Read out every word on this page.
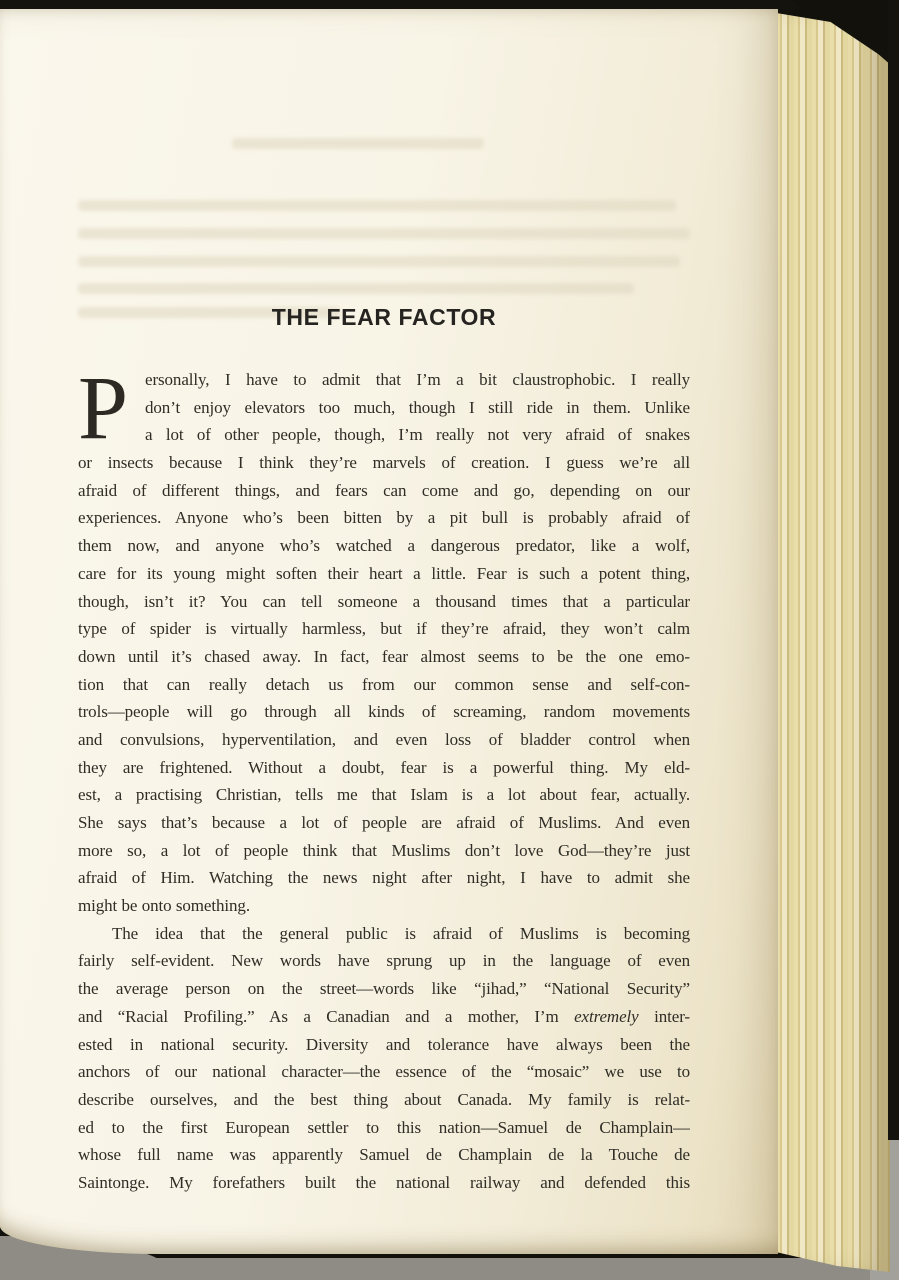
THE FEAR FACTOR
P	ersonally, I have to admit that I’m a bit claustrophobic. I really
don’t enjoy elevators too much, though I still ride in them. Unlike
a lot of other people, though, I’m really not very afraid of snakes
or insects because I think they’re marvels of creation. I guess we’re all
afraid of different things, and fears can come and go, depending on our
experiences. Anyone who’s been bitten by a pit bull is probably afraid of
them now, and anyone who’s watched a dangerous predator, like a wolf,
care for its young might soften their heart a little. Fear is such a potent thing,
though, isn’t it? You can tell someone a thousand times that a particular
type of spider is virtually harmless, but if they’re afraid, they won’t calm
down until it’s chased away. In fact, fear almost seems to be the one emo-
tion that can really detach us from our common sense and self-con-
trols—people will go through all kinds of screaming, random movements
and convulsions, hyperventilation, and even loss of bladder control when
they are frightened. Without a doubt, fear is a powerful thing. My eld-
est, a practising Christian, tells me that Islam is a lot about fear, actually.
She says that’s because a lot of people are afraid of Muslims. And even
more so, a lot of people think that Muslims don’t love God—they’re just
afraid of Him. Watching the news night after night, I have to admit she
might be onto something.
The idea that the general public is afraid of Muslims is becoming
fairly self-evident. New words have sprung up in the language of even
the average person on the street—words like “jihad,” “National Security”
and “Racial Profiling.” As a Canadian and a mother, I’m extremely inter-
ested in national security. Diversity and tolerance have always been the
anchors of our national character—the essence of the “mosaic” we use to
describe ourselves, and the best thing about Canada. My family is relat-
ed to the first European settler to this nation—Samuel de Champlain—
whose full name was apparently Samuel de Champlain de la Touche de
Saintonge. My forefathers built the national railway and defended this
